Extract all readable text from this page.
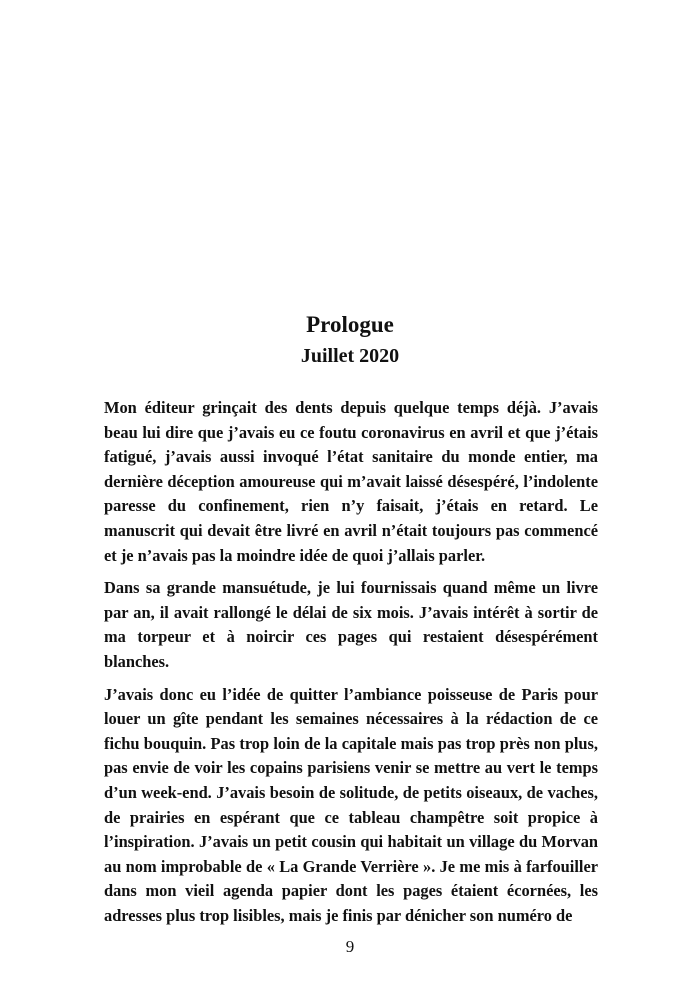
Prologue
Juillet 2020

Mon éditeur grinçait des dents depuis quelque temps déjà. J’avais beau lui dire que j’avais eu ce foutu coronavirus en avril et que j’étais fatigué, j’avais aussi invoqué l’état sanitaire du monde entier, ma dernière déception amoureuse qui m’avait laissé désespéré, l’indolente paresse du confinement, rien n’y faisait, j’étais en retard. Le manuscrit qui devait être livré en avril n’était toujours pas commencé et je n’avais pas la moindre idée de quoi j’allais parler.

Dans sa grande mansuétude, je lui fournissais quand même un livre par an, il avait rallongé le délai de six mois. J’avais intérêt à sortir de ma torpeur et à noircir ces pages qui restaient désespérément blanches.

J’avais donc eu l’idée de quitter l’ambiance poisseuse de Paris pour louer un gîte pendant les semaines nécessaires à la rédaction de ce fichu bouquin. Pas trop loin de la capitale mais pas trop près non plus, pas envie de voir les copains parisiens venir se mettre au vert le temps d’un week-end. J’avais besoin de solitude, de petits oiseaux, de vaches, de prairies en espérant que ce tableau champêtre soit propice à l’inspiration. J’avais un petit cousin qui habitait un village du Morvan au nom improbable de « La Grande Verrière ». Je me mis à farfouiller dans mon vieil agenda papier dont les pages étaient écornées, les adresses plus trop lisibles, mais je finis par dénicher son numéro de

9
